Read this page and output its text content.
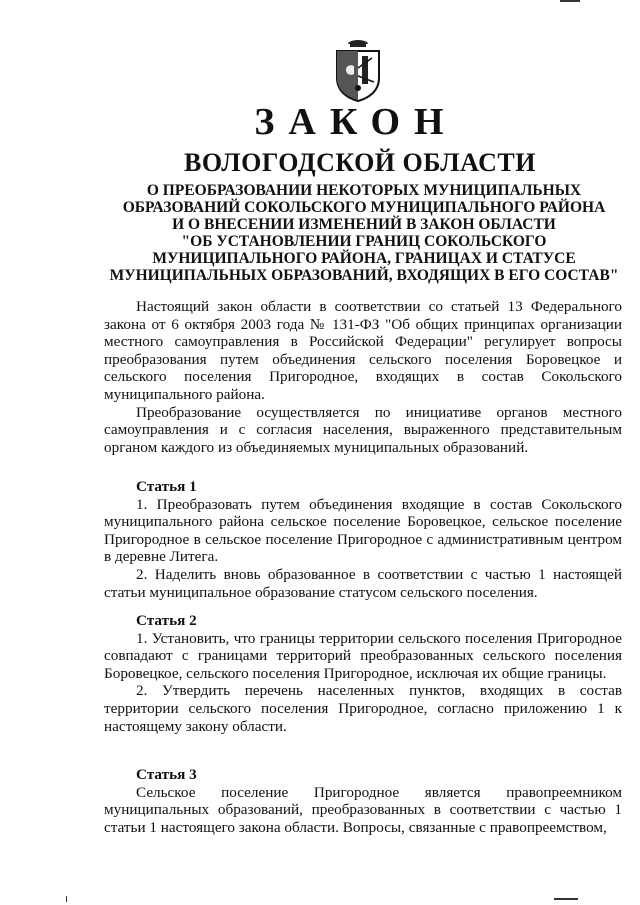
ЗАКОН
ВОЛОГОДСКОЙ ОБЛАСТИ
О ПРЕОБРАЗОВАНИИ НЕКОТОРЫХ МУНИЦИПАЛЬНЫХ
ОБРАЗОВАНИЙ СОКОЛЬСКОГО МУНИЦИПАЛЬНОГО РАЙОНА
И О ВНЕСЕНИИ ИЗМЕНЕНИЙ В ЗАКОН ОБЛАСТИ
"ОБ УСТАНОВЛЕНИИ ГРАНИЦ СОКОЛЬСКОГО
МУНИЦИПАЛЬНОГО РАЙОНА, ГРАНИЦАХ И СТАТУСЕ
МУНИЦИПАЛЬНЫХ ОБРАЗОВАНИЙ, ВХОДЯЩИХ В ЕГО СОСТАВ"

Настоящий закон области в соответствии со статьей 13 Федерального закона от 6 октября 2003 года № 131-ФЗ "Об общих принципах организации местного самоуправления в Российской Федерации" регулирует вопросы преобразования путем объединения сельского поселения Боровецкое и сельского поселения Пригородное, входящих в состав Сокольского муниципального района.

Преобразование осуществляется по инициативе органов местного самоуправления и с согласия населения, выраженного представительным органом каждого из объединяемых муниципальных образований.

Статья 1

1. Преобразовать путем объединения входящие в состав Сокольского муниципального района сельское поселение Боровецкое, сельское поселение Пригородное в сельское поселение Пригородное с административным центром в деревне Литега.

2. Наделить вновь образованное в соответствии с частью 1 настоящей статьи муниципальное образование статусом сельского поселения.

Статья 2

1. Установить, что границы территории сельского поселения Пригородное совпадают с границами территорий преобразованных сельского поселения Боровецкое, сельского поселения Пригородное, исключая их общие границы.

2. Утвердить перечень населенных пунктов, входящих в состав территории сельского поселения Пригородное, согласно приложению 1 к настоящему закону области.

Статья 3

Сельское поселение Пригородное является правопреемником муниципальных образований, преобразованных в соответствии с частью 1 статьи 1 настоящего закона области. Вопросы, связанные с правопреемством,
